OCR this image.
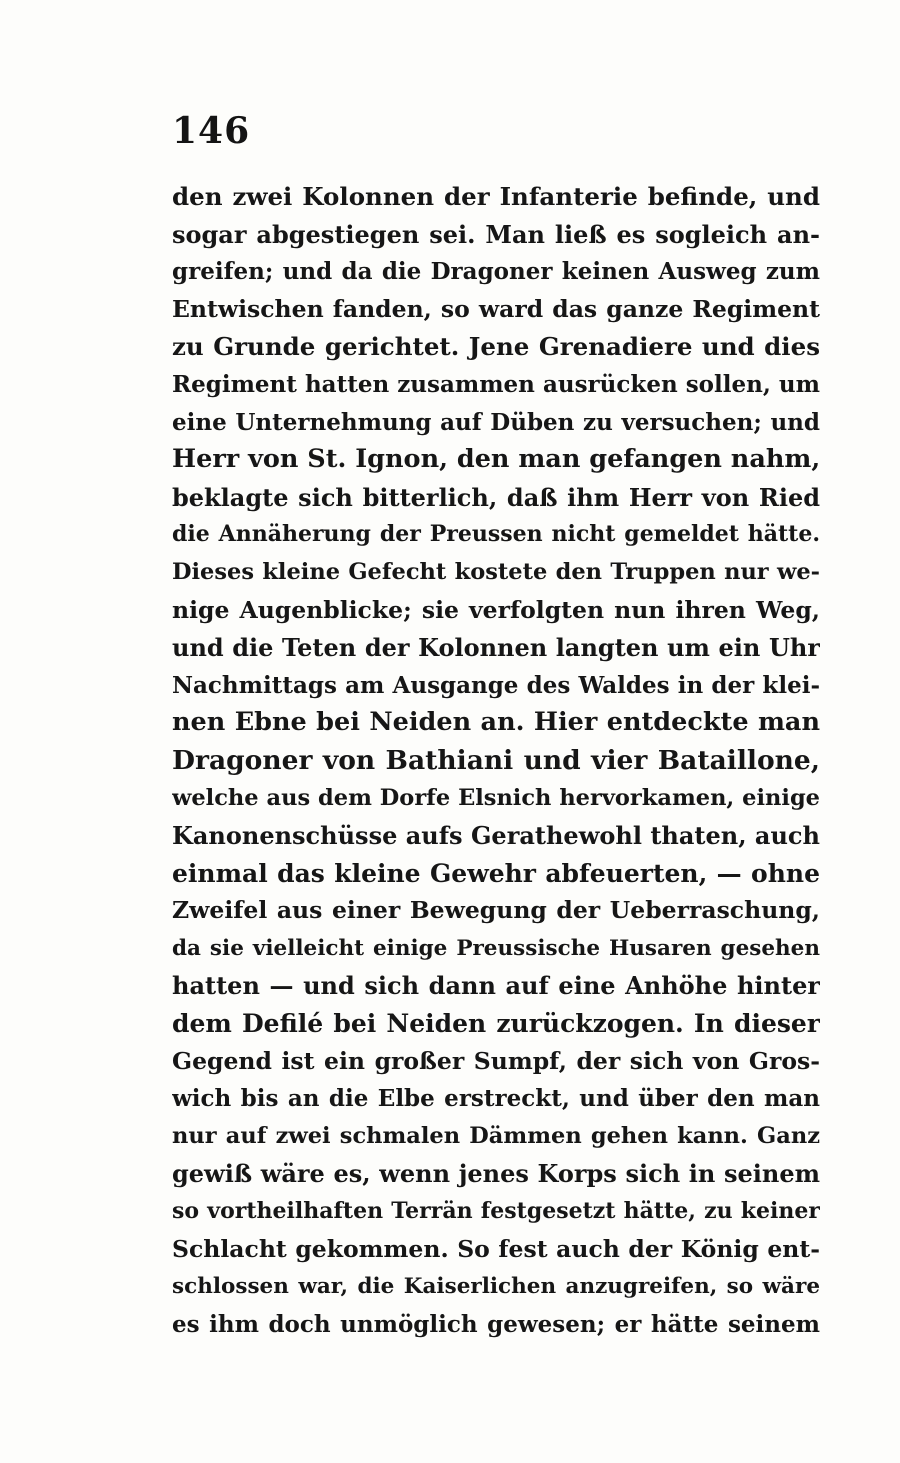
146
den zwei Kolonnen der Infanterie befinde, und
sogar abgestiegen sei. Man ließ es sogleich an-
greifen; und da die Dragoner keinen Ausweg zum
Entwischen fanden, so ward das ganze Regiment
zu Grunde gerichtet. Jene Grenadiere und dies
Regiment hatten zusammen ausrücken sollen, um
eine Unternehmung auf Düben zu versuchen; und
Herr von St. Ignon, den man gefangen nahm,
beklagte sich bitterlich, daß ihm Herr von Ried
die Annäherung der Preussen nicht gemeldet hätte.
Dieses kleine Gefecht kostete den Truppen nur we-
nige Augenblicke; sie verfolgten nun ihren Weg,
und die Teten der Kolonnen langten um ein Uhr
Nachmittags am Ausgange des Waldes in der klei-
nen Ebne bei Neiden an. Hier entdeckte man
Dragoner von Bathiani und vier Bataillone,
welche aus dem Dorfe Elsnich hervorkamen, einige
Kanonenschüsse aufs Gerathewohl thaten, auch
einmal das kleine Gewehr abfeuerten, — ohne
Zweifel aus einer Bewegung der Ueberraschung,
da sie vielleicht einige Preussische Husaren gesehen
hatten — und sich dann auf eine Anhöhe hinter
dem Defilé bei Neiden zurückzogen. In dieser
Gegend ist ein großer Sumpf, der sich von Gros-
wich bis an die Elbe erstreckt, und über den man
nur auf zwei schmalen Dämmen gehen kann. Ganz
gewiß wäre es, wenn jenes Korps sich in seinem
so vortheilhaften Terrän festgesetzt hätte, zu keiner
Schlacht gekommen. So fest auch der König ent-
schlossen war, die Kaiserlichen anzugreifen, so wäre
es ihm doch unmöglich gewesen; er hätte seinem
